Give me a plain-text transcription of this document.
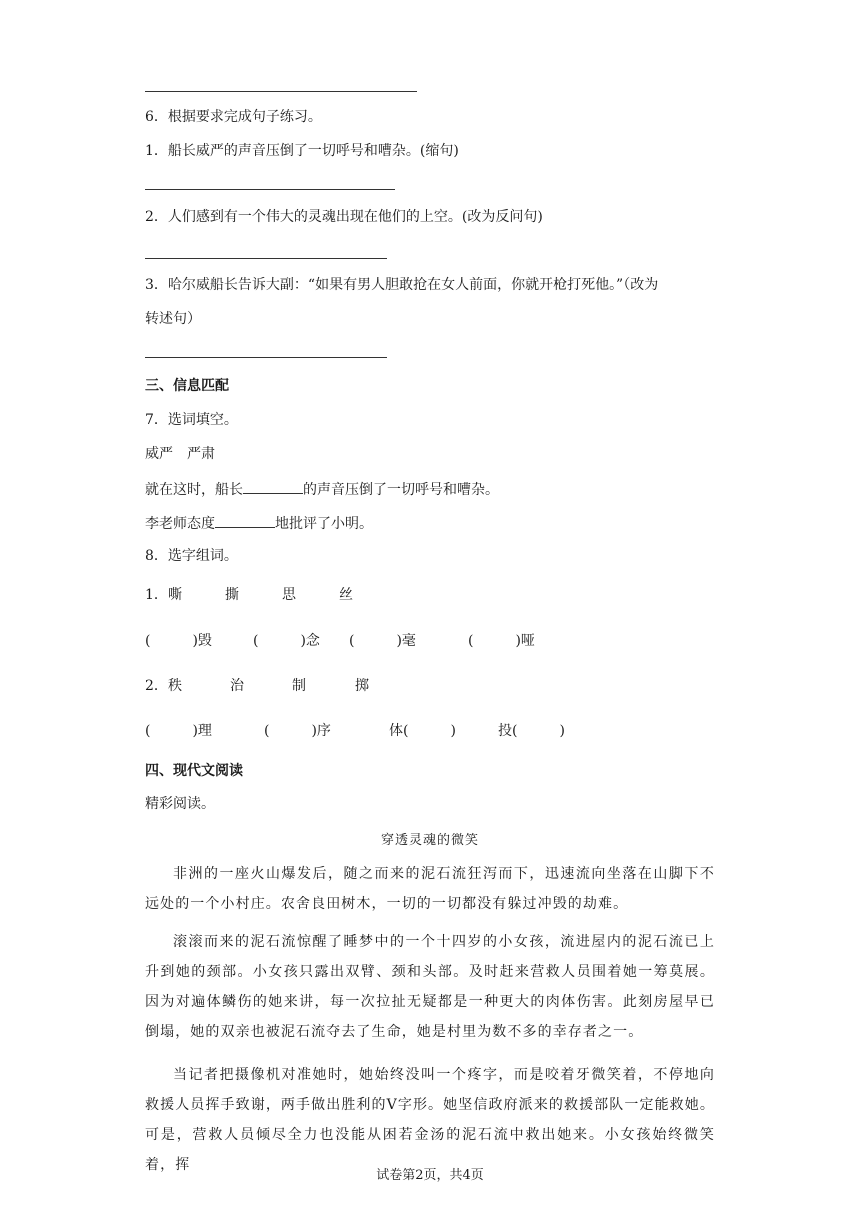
6．根据要求完成句子练习。
1．船长威严的声音压倒了一切呼号和嘈杂。(缩句)
2．人们感到有一个伟大的灵魂出现在他们的上空。(改为反问句)
3．哈尔威船长告诉大副：“如果有男人胆敢抢在女人前面，你就开枪打死他。”（改为
转述句）
三、信息匹配
7．选词填空。
威严　严肃
就在这时，船长	的声音压倒了一切呼号和嘈杂。
李老师态度	地批评了小明。
8．选字组词。
1． 嘶	撕	思	丝
(　　　)毁	(　　　)念 (　　　)毫	(　　　)哑
2． 秩	治	制	掷
(　　　)理	(　　　)序	体(　　　)	投(　　　)
四、现代文阅读
精彩阅读。
穿透灵魂的微笑
非洲的一座火山爆发后，随之而来的泥石流狂泻而下，迅速流向坐落在山脚下不远处的一个小村庄。农舍良田树木，一切的一切都没有躲过冲毁的劫难。
滚滚而来的泥石流惊醒了睡梦中的一个十四岁的小女孩，流进屋内的泥石流已上升到她的颈部。小女孩只露出双臂、颈和头部。及时赶来营救人员围着她一筹莫展。因为对遍体鳞伤的她来讲，每一次拉扯无疑都是一种更大的肉体伤害。此刻房屋早已倒塌，她的双亲也被泥石流夺去了生命，她是村里为数不多的幸存者之一。
当记者把摄像机对准她时，她始终没叫一个疼字，而是咬着牙微笑着，不停地向救援人员挥手致谢，两手做出胜利的V字形。她坚信政府派来的救援部队一定能救她。可是，营救人员倾尽全力也没能从困若金汤的泥石流中救出她来。小女孩始终微笑着，挥
试卷第2页，共4页
